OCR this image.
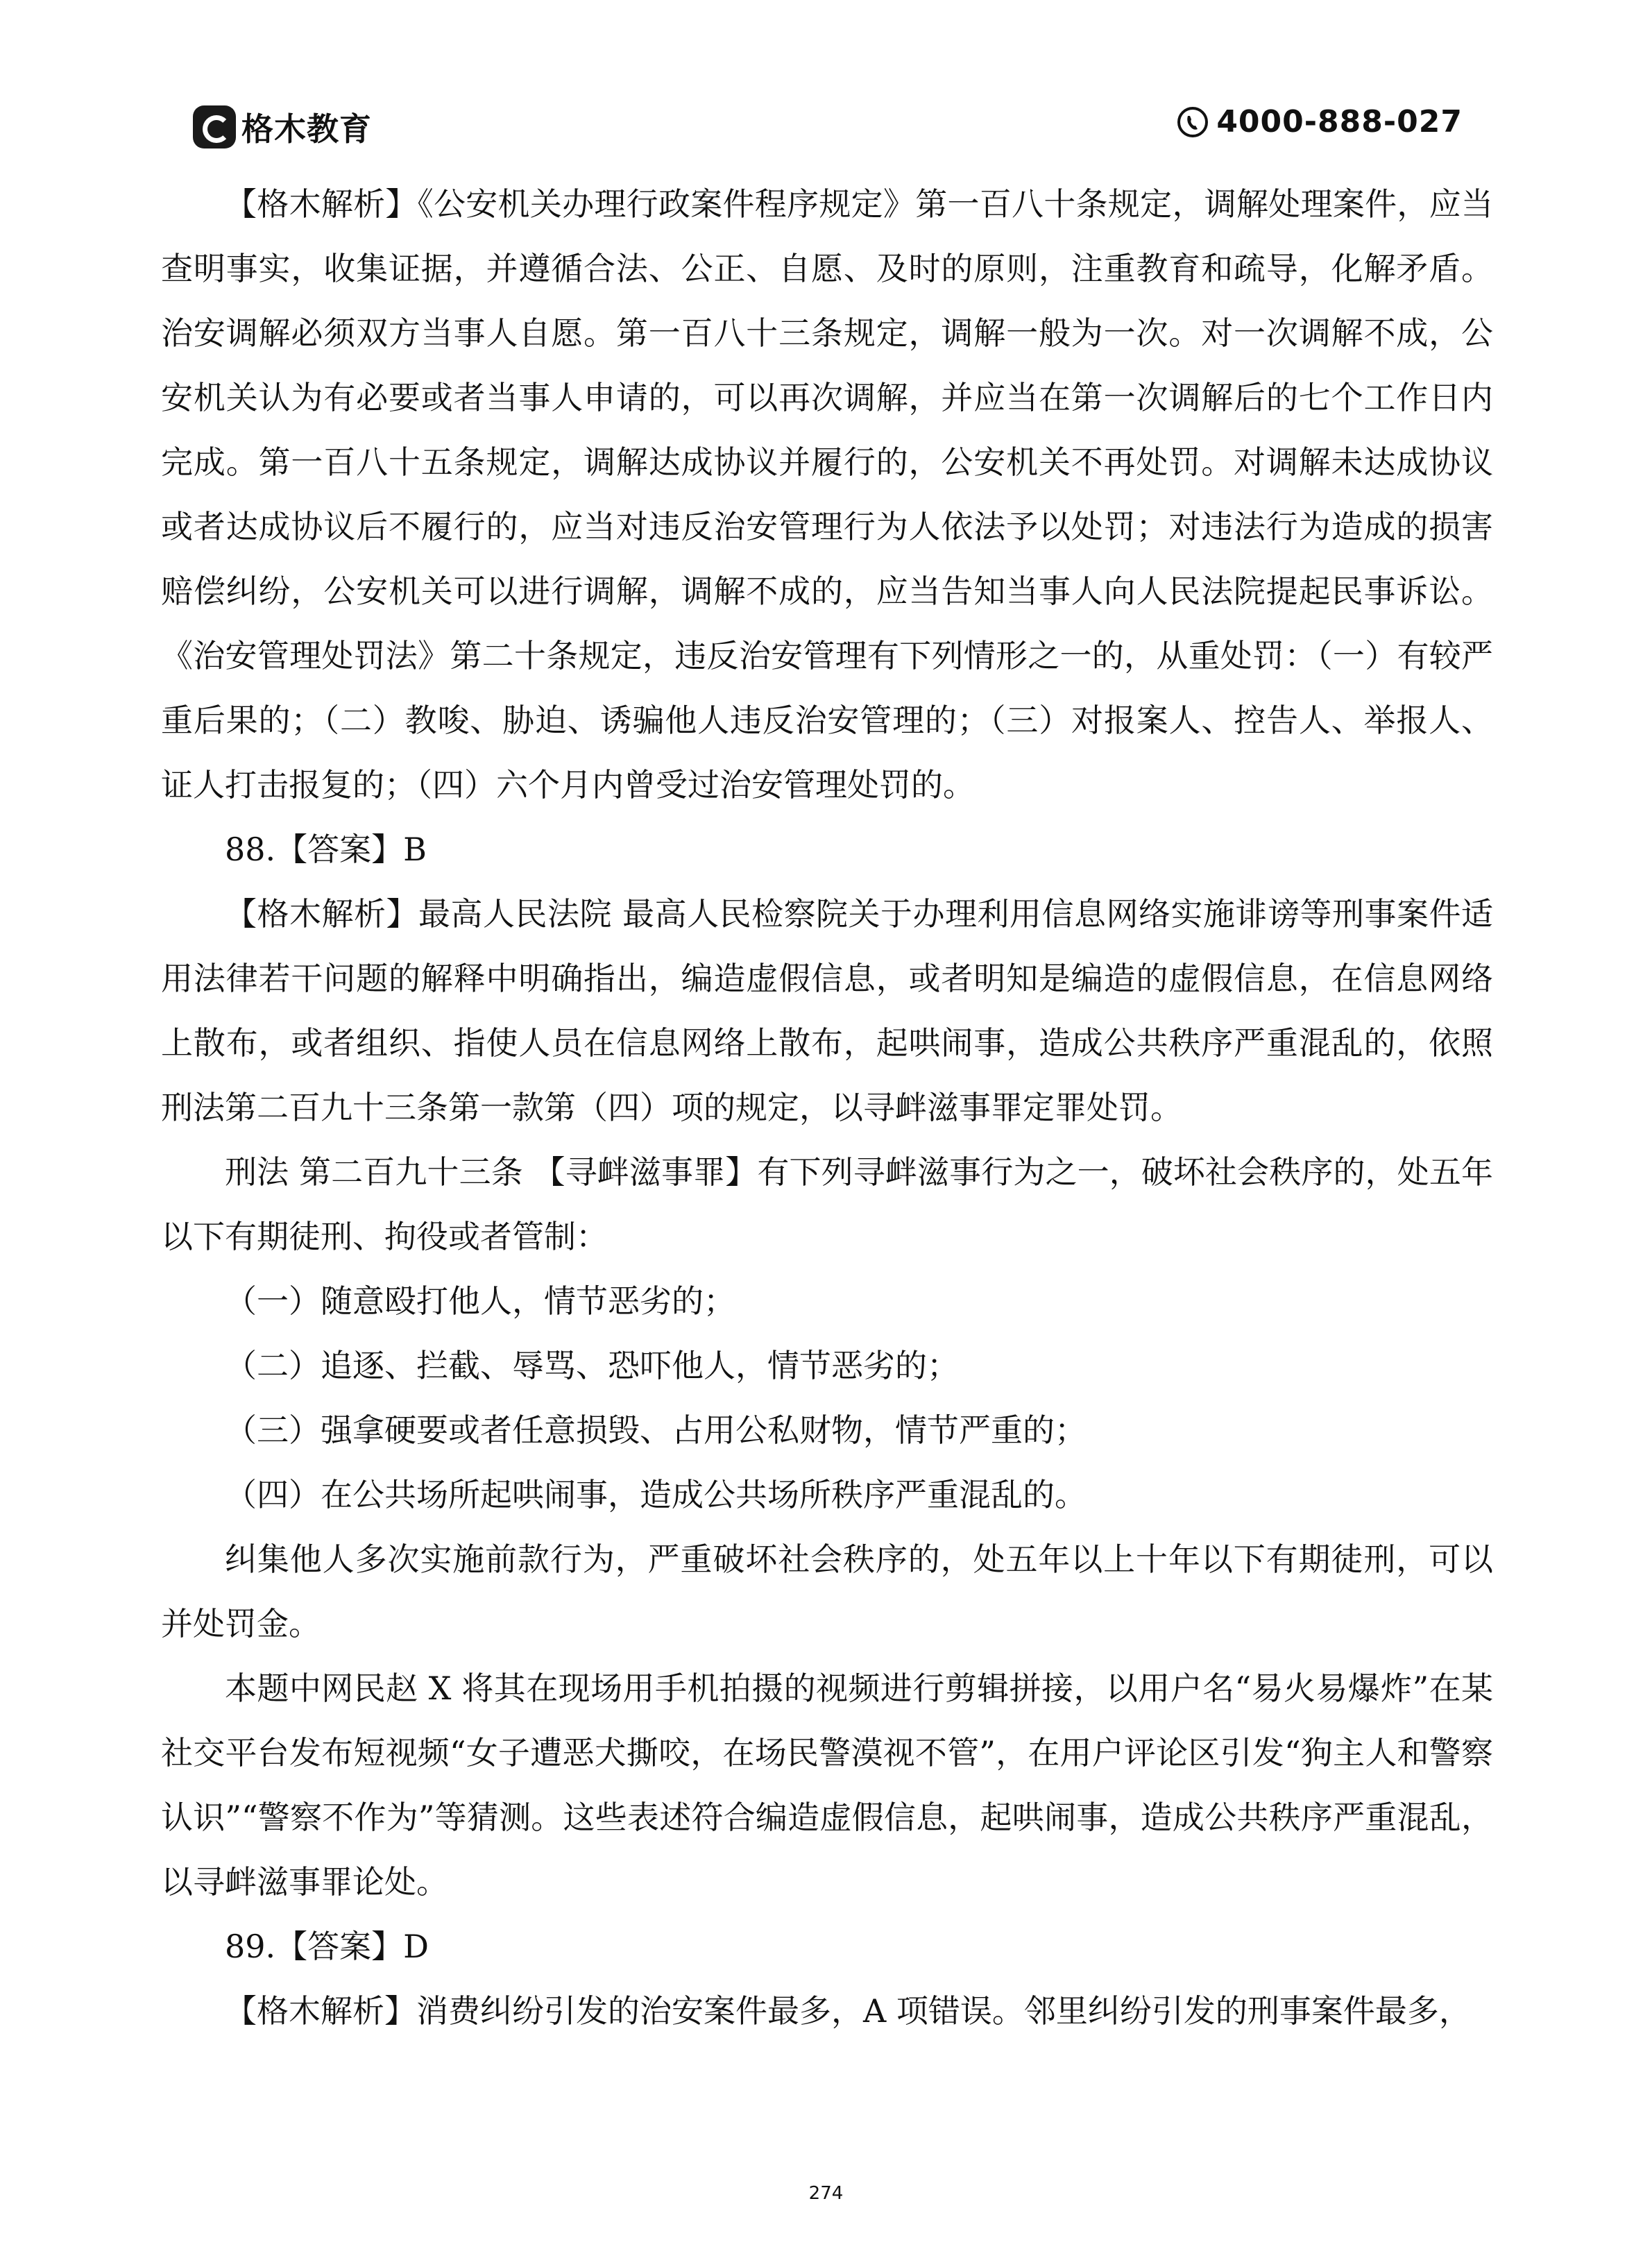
格木教育	4000-888-027

【格木解析】《公安机关办理行政案件程序规定》第一百八十条规定，调解处理案件，应当查明事实，收集证据，并遵循合法、公正、自愿、及时的原则，注重教育和疏导，化解矛盾。治安调解必须双方当事人自愿。第一百八十三条规定，调解一般为一次。对一次调解不成，公安机关认为有必要或者当事人申请的，可以再次调解，并应当在第一次调解后的七个工作日内完成。第一百八十五条规定，调解达成协议并履行的，公安机关不再处罚。对调解未达成协议或者达成协议后不履行的，应当对违反治安管理行为人依法予以处罚；对违法行为造成的损害赔偿纠纷，公安机关可以进行调解，调解不成的，应当告知当事人向人民法院提起民事诉讼。《治安管理处罚法》第二十条规定，违反治安管理有下列情形之一的，从重处罚：（一）有较严重后果的；（二）教唆、胁迫、诱骗他人违反治安管理的；（三）对报案人、控告人、举报人、证人打击报复的；（四）六个月内曾受过治安管理处罚的。

88.【答案】B

【格木解析】最高人民法院 最高人民检察院关于办理利用信息网络实施诽谤等刑事案件适用法律若干问题的解释中明确指出，编造虚假信息，或者明知是编造的虚假信息，在信息网络上散布，或者组织、指使人员在信息网络上散布，起哄闹事，造成公共秩序严重混乱的，依照刑法第二百九十三条第一款第（四）项的规定，以寻衅滋事罪定罪处罚。

刑法 第二百九十三条 【寻衅滋事罪】有下列寻衅滋事行为之一，破坏社会秩序的，处五年以下有期徒刑、拘役或者管制：

（一）随意殴打他人，情节恶劣的；

（二）追逐、拦截、辱骂、恐吓他人，情节恶劣的；

（三）强拿硬要或者任意损毁、占用公私财物，情节严重的；

（四）在公共场所起哄闹事，造成公共场所秩序严重混乱的。

纠集他人多次实施前款行为，严重破坏社会秩序的，处五年以上十年以下有期徒刑，可以并处罚金。

本题中网民赵 X 将其在现场用手机拍摄的视频进行剪辑拼接，以用户名“易火易爆炸”在某社交平台发布短视频“女子遭恶犬撕咬，在场民警漠视不管”，在用户评论区引发“狗主人和警察认识”“警察不作为”等猜测。这些表述符合编造虚假信息，起哄闹事，造成公共秩序严重混乱，以寻衅滋事罪论处。

89.【答案】D

【格木解析】消费纠纷引发的治安案件最多，A 项错误。邻里纠纷引发的刑事案件最多，

274
